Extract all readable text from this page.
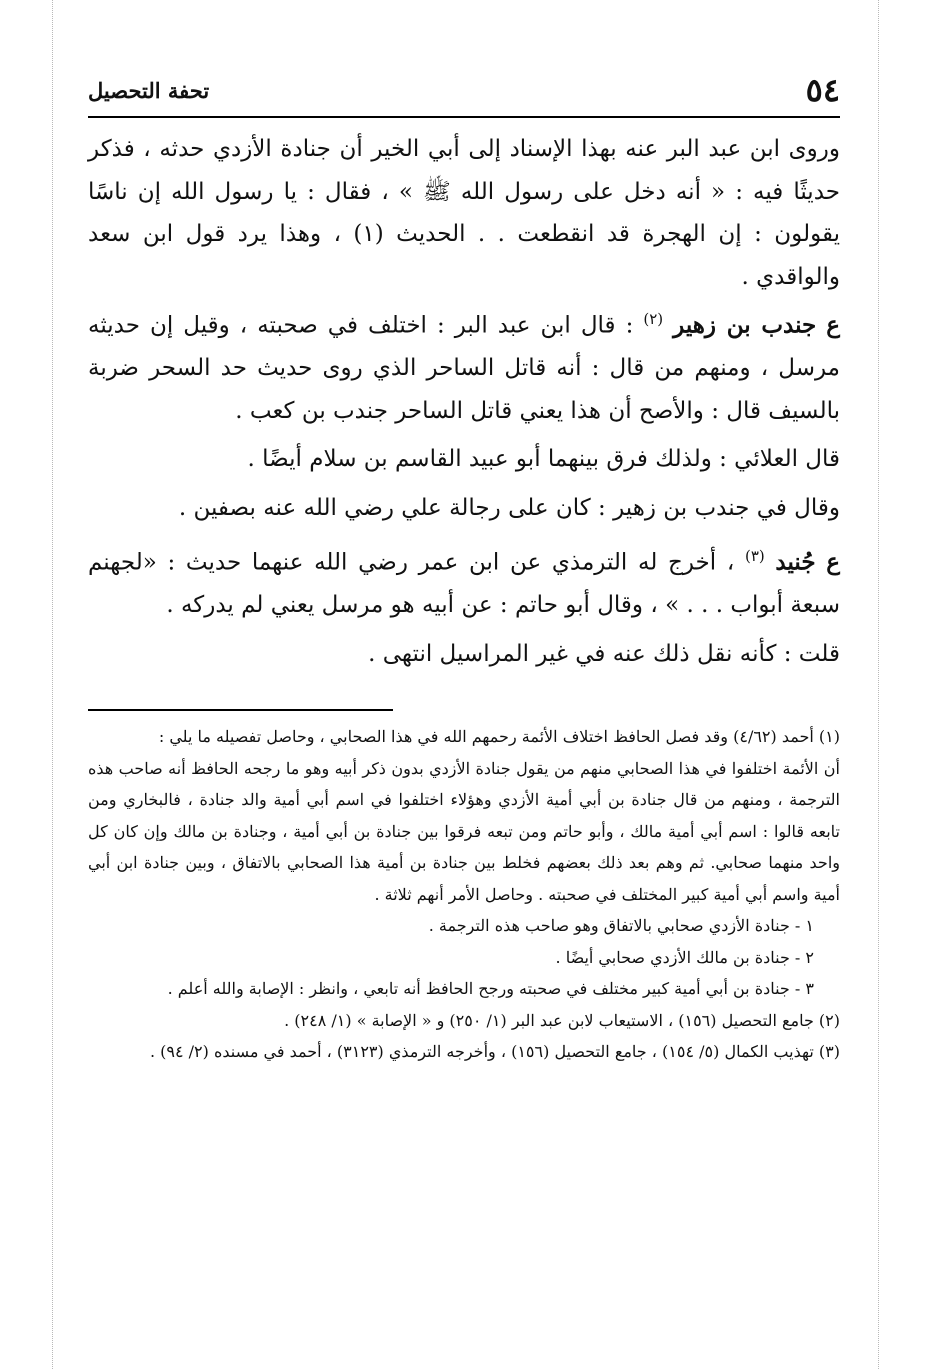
٥٤
تحفة التحصيل

وروى ابن عبد البر عنه بهذا الإسناد إلى أبي الخير أن جنادة الأزدي حدثه ، فذكر حديثًا فيه : « أنه دخل على رسول الله ﷺ » ، فقال : يا رسول الله إن ناسًا يقولون : إن الهجرة قد انقطعت . . الحديث (١) ، وهذا يرد قول ابن سعد والواقدي .

ع جندب بن زهير $^{(٢)}$ : قال ابن عبد البر : اختلف في صحبته ، وقيل إن حديثه مرسل ، ومنهم من قال : أنه قاتل الساحر الذي روى حديث حد السحر ضربة بالسيف قال : والأصح أن هذا يعني قاتل الساحر جندب بن كعب .

قال العلائي : ولذلك فرق بينهما أبو عبيد القاسم بن سلام أيضًا .

وقال في جندب بن زهير : كان على رجالة علي رضي الله عنه بصفين .

ع جُنيد $^{(٣)}$ ، أخرج له الترمذي عن ابن عمر رضي الله عنهما حديث : «لجهنم سبعة أبواب . . . » ، وقال أبو حاتم : عن أبيه هو مرسل يعني لم يدركه .

قلت : كأنه نقل ذلك عنه في غير المراسيل انتهى .

(١) أحمد (٤/٦٢) وقد فصل الحافظ اختلاف الأئمة رحمهم الله في هذا الصحابي ، وحاصل تفصيله ما يلي :

أن الأئمة اختلفوا في هذا الصحابي منهم من يقول جنادة الأزدي بدون ذكر أبيه وهو ما رجحه الحافظ أنه صاحب هذه الترجمة ، ومنهم من قال جنادة بن أبي أمية الأزدي وهؤلاء اختلفوا في اسم أبي أمية والد جنادة ، فالبخاري ومن تابعه قالوا : اسم أبي أمية مالك ، وأبو حاتم ومن تبعه فرقوا بين جنادة بن أبي أمية ، وجنادة بن مالك وإن كان كل واحد منهما صحابي. ثم وهم بعد ذلك بعضهم فخلط بين جنادة بن أمية هذا الصحابي بالاتفاق ، وبين جنادة ابن أبي أمية واسم أبي أمية كبير المختلف في صحبته . وحاصل الأمر أنهم ثلاثة .

١ - جنادة الأزدي صحابي بالاتفاق وهو صاحب هذه الترجمة .

٢ - جنادة بن مالك الأزدي صحابي أيضًا .

٣ - جنادة بن أبي أمية كبير مختلف في صحبته ورجح الحافظ أنه تابعي ، وانظر : الإصابة والله أعلم .

(٢) جامع التحصيل (١٥٦) ، الاستيعاب لابن عبد البر (١/ ٢٥٠) و « الإصابة » (١/ ٢٤٨) .

(٣) تهذيب الكمال (٥/ ١٥٤) ، جامع التحصيل (١٥٦) ، وأخرجه الترمذي (٣١٢٣) ، أحمد في مسنده (٢/ ٩٤) .
